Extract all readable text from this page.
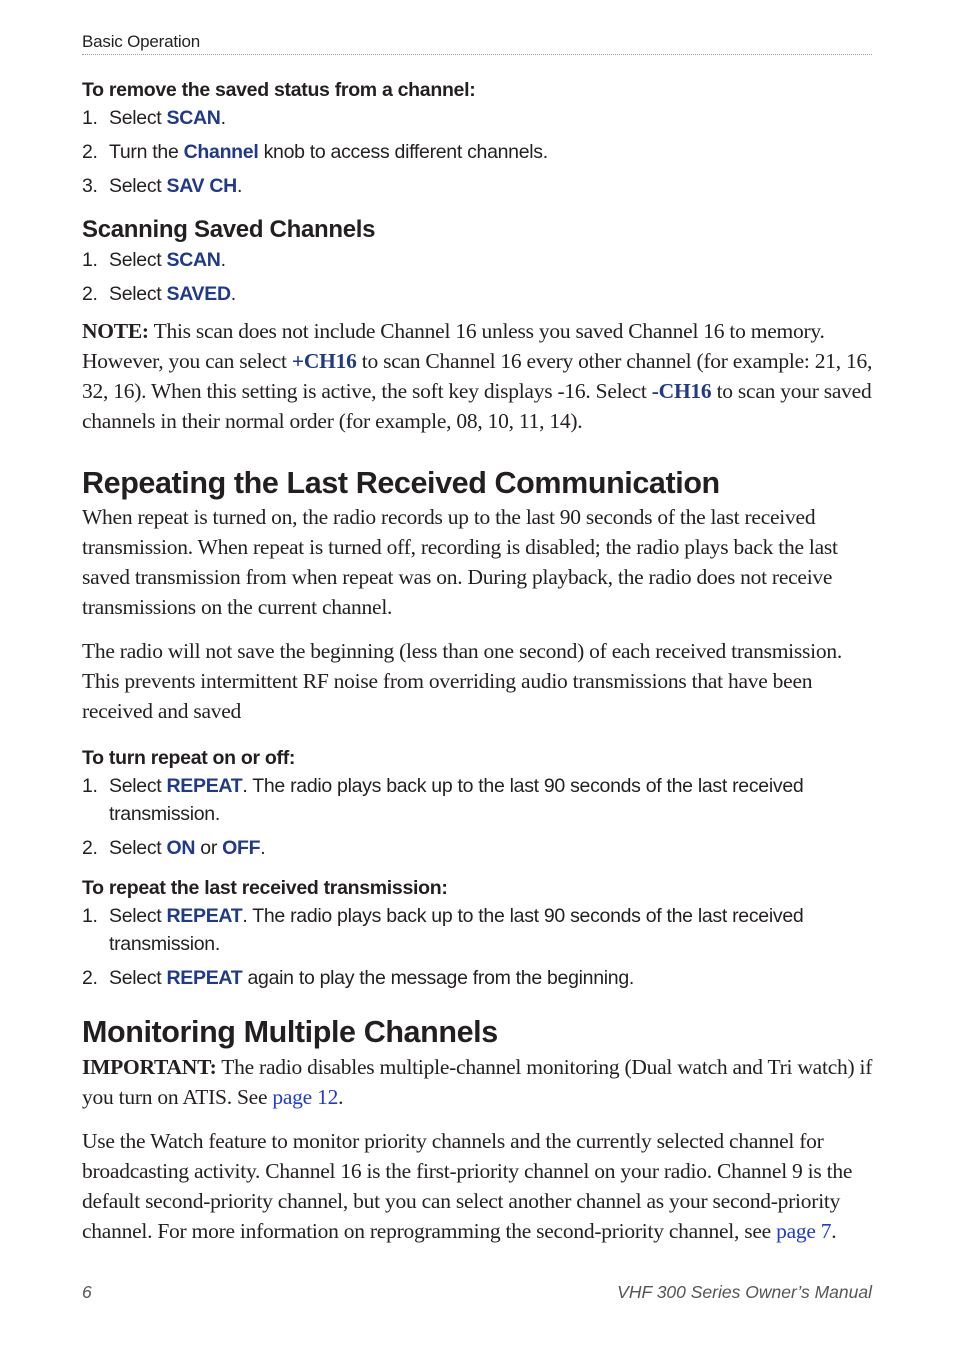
Basic Operation
To remove the saved status from a channel:
1. Select SCAN.
2. Turn the Channel knob to access different channels.
3. Select SAV CH.
Scanning Saved Channels
1. Select SCAN.
2. Select SAVED.
NOTE: This scan does not include Channel 16 unless you saved Channel 16 to memory. However, you can select +CH16 to scan Channel 16 every other channel (for example: 21, 16, 32, 16). When this setting is active, the soft key displays -16. Select -CH16 to scan your saved channels in their normal order (for example, 08, 10, 11, 14).
Repeating the Last Received Communication
When repeat is turned on, the radio records up to the last 90 seconds of the last received transmission. When repeat is turned off, recording is disabled; the radio plays back the last saved transmission from when repeat was on. During playback, the radio does not receive transmissions on the current channel.
The radio will not save the beginning (less than one second) of each received transmission. This prevents intermittent RF noise from overriding audio transmissions that have been received and saved
To turn repeat on or off:
1. Select REPEAT. The radio plays back up to the last 90 seconds of the last received
transmission.
2. Select ON or OFF.
To repeat the last received transmission:
1. Select REPEAT. The radio plays back up to the last 90 seconds of the last received
transmission.
2. Select REPEAT again to play the message from the beginning.
Monitoring Multiple Channels
IMPORTANT: The radio disables multiple-channel monitoring (Dual watch and Tri watch) if you turn on ATIS. See page 12.
Use the Watch feature to monitor priority channels and the currently selected channel for broadcasting activity. Channel 16 is the first-priority channel on your radio. Channel 9 is the default second-priority channel, but you can select another channel as your second-priority channel. For more information on reprogramming the second-priority channel, see page 7.
6	VHF 300 Series Owner’s Manual
